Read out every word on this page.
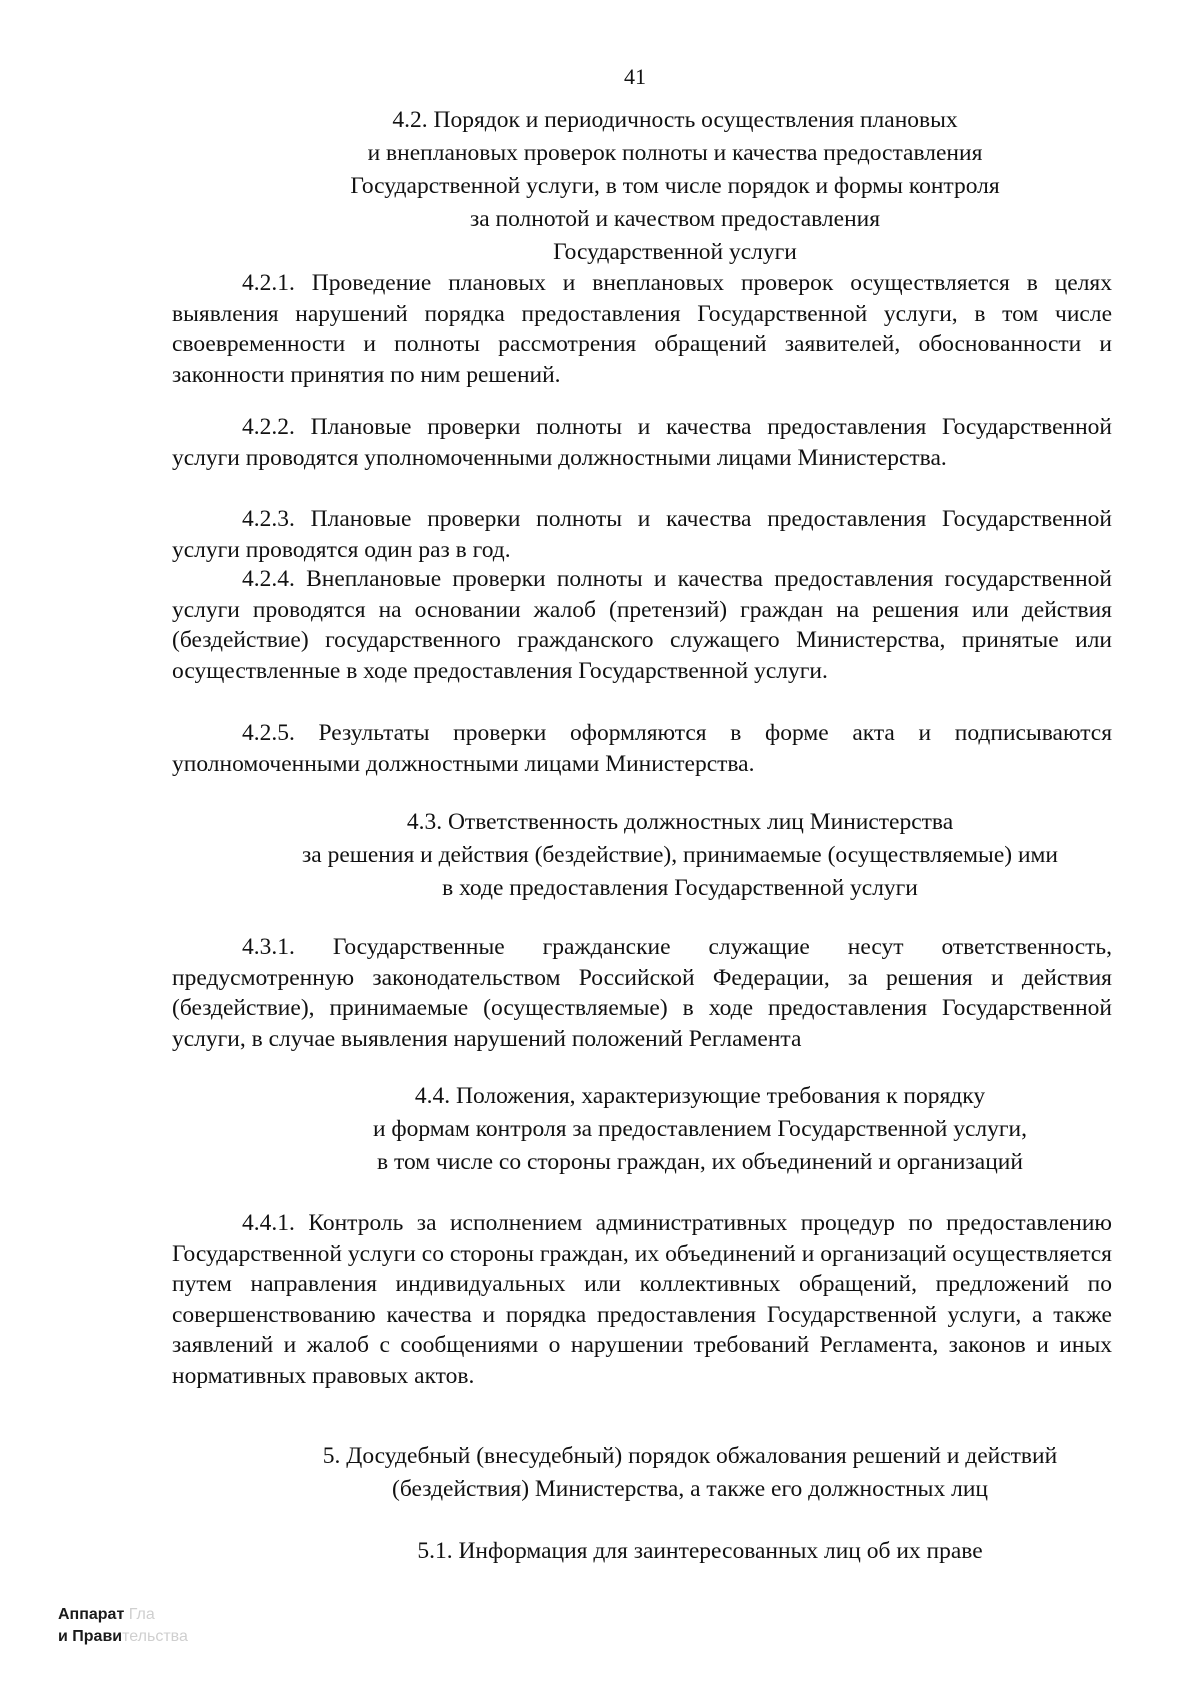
41
4.2. Порядок и периодичность осуществления плановых
и внеплановых проверок полноты и качества предоставления
Государственной услуги, в том числе порядок и формы контроля
за полнотой и качеством предоставления
Государственной услуги

4.2.1. Проведение плановых и внеплановых проверок осуществляется в целях выявления нарушений порядка предоставления Государственной услуги, в том числе своевременности и полноты рассмотрения обращений заявителей, обоснованности и законности принятия по ним решений.

4.2.2. Плановые проверки полноты и качества предоставления Государственной услуги проводятся уполномоченными должностными лицами Министерства.

4.2.3. Плановые проверки полноты и качества предоставления Государственной услуги проводятся один раз в год.

4.2.4. Внеплановые проверки полноты и качества предоставления государственной услуги проводятся на основании жалоб (претензий) граждан на решения или действия (бездействие) государственного гражданского служащего Министерства, принятые или осуществленные в ходе предоставления Государственной услуги.

4.2.5. Результаты проверки оформляются в форме акта и подписываются уполномоченными должностными лицами Министерства.

4.3. Ответственность должностных лиц Министерства
за решения и действия (бездействие), принимаемые (осуществляемые) ими
в ходе предоставления Государственной услуги

4.3.1. Государственные гражданские служащие несут ответственность, предусмотренную законодательством Российской Федерации, за решения и действия (бездействие), принимаемые (осуществляемые) в ходе предоставления Государственной услуги, в случае выявления нарушений положений Регламента

4.4. Положения, характеризующие требования к порядку
и формам контроля за предоставлением Государственной услуги,
в том числе со стороны граждан, их объединений и организаций

4.4.1. Контроль за исполнением административных процедур по предоставлению Государственной услуги со стороны граждан, их объединений и организаций осуществляется путем направления индивидуальных или коллективных обращений, предложений по совершенствованию качества и порядка предоставления Государственной услуги, а также заявлений и жалоб с сообщениями о нарушении требований Регламента, законов и иных нормативных правовых актов.

5. Досудебный (внесудебный) порядок обжалования решений и действий
(бездействия) Министерства, а также его должностных лиц
5.1. Информация для заинтересованных лиц об их праве
Аппарат Гла
и Правительства
